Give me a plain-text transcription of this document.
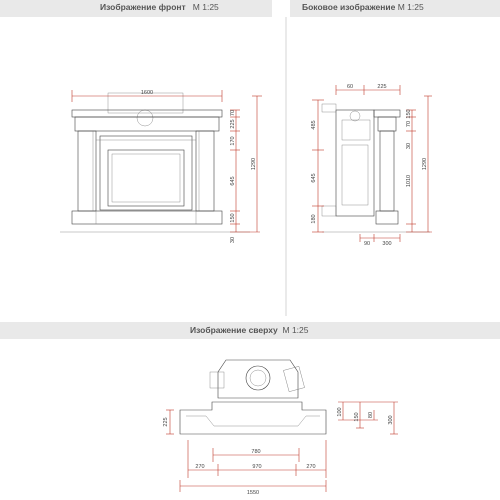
Изображение фронт М 1:25	Боковое изображение М 1:25
Изображение сверху М 1:25
1600
70
225
170
645
150
30
1290
60	225
485
645
180
150
70
30
1010
1290
90 300
225
780
270	970	270
1550
100
150 80
300
